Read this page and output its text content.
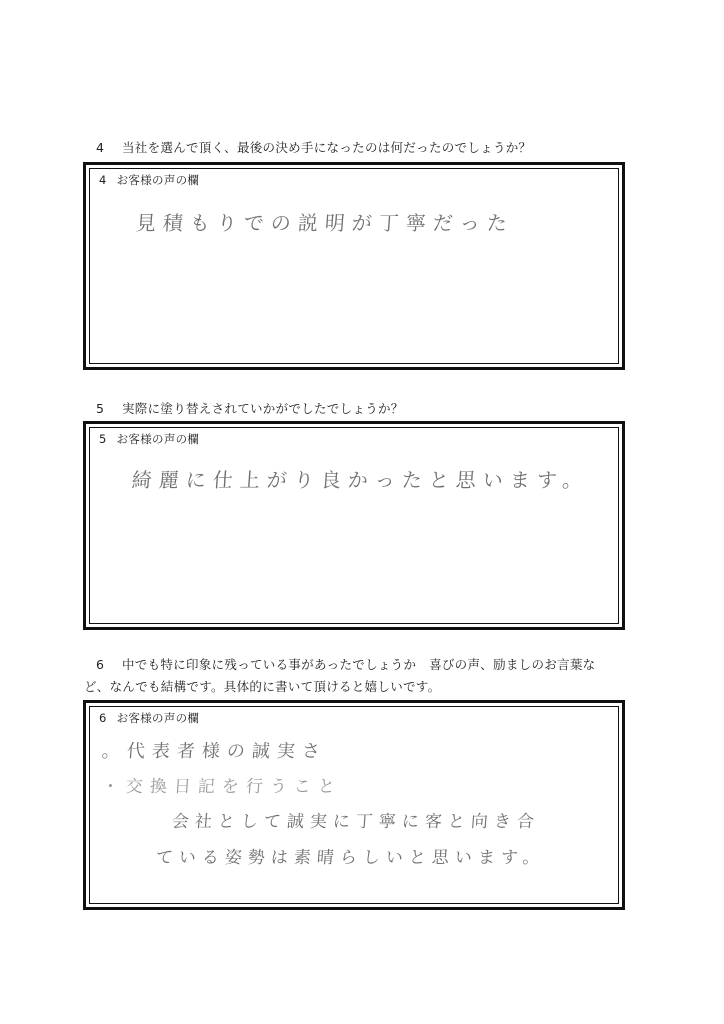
4 当社を選んで頂く、最後の決め手になったのは何だったのでしょうか？
4 お客様の声の欄
見積もりでの説明が丁寧だった
5 実際に塗り替えされていかがでしたでしょうか？
5 お客様の声の欄
綺麗に仕上がり良かったと思います。
6 中でも特に印象に残っている事があったでしょうか　喜びの声、励ましのお言葉な
ど、なんでも結構です。具体的に書いて頂けると嬉しいです。
6 お客様の声の欄
。代表者様の誠実さ
・交換日記を行うこと
会社として誠実に丁寧に客と向き合
ている姿勢は素晴らしいと思います。
